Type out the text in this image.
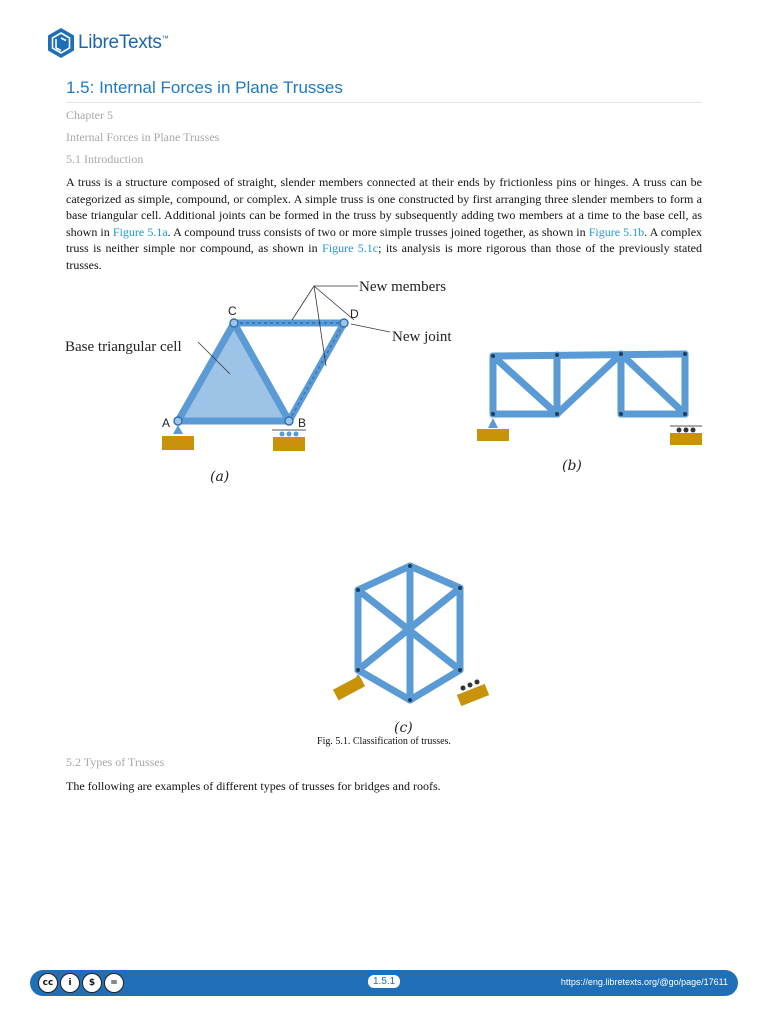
LibreTexts™
1.5: Internal Forces in Plane Trusses
Chapter 5
Internal Forces in Plane Trusses
5.1 Introduction
A truss is a structure composed of straight, slender members connected at their ends by frictionless pins or hinges. A truss can be categorized as simple, compound, or complex. A simple truss is one constructed by first arranging three slender members to form a base triangular cell. Additional joints can be formed in the truss by subsequently adding two members at a time to the base cell, as shown in Figure 5.1a. A compound truss consists of two or more simple trusses joined together, as shown in Figure 5.1b. A complex truss is neither simple nor compound, as shown in Figure 5.1c; its analysis is more rigorous than those of the previously stated trusses.
New members
New joint
Base triangular cell
A	B
C	D
(a)
(b)
(c)
Fig. 5.1. Classification of trusses.
5.2 Types of Trusses
The following are examples of different types of trusses for bridges and roofs.
cc	i	$	=	1.5.1	https://eng.libretexts.org/@go/page/17611
